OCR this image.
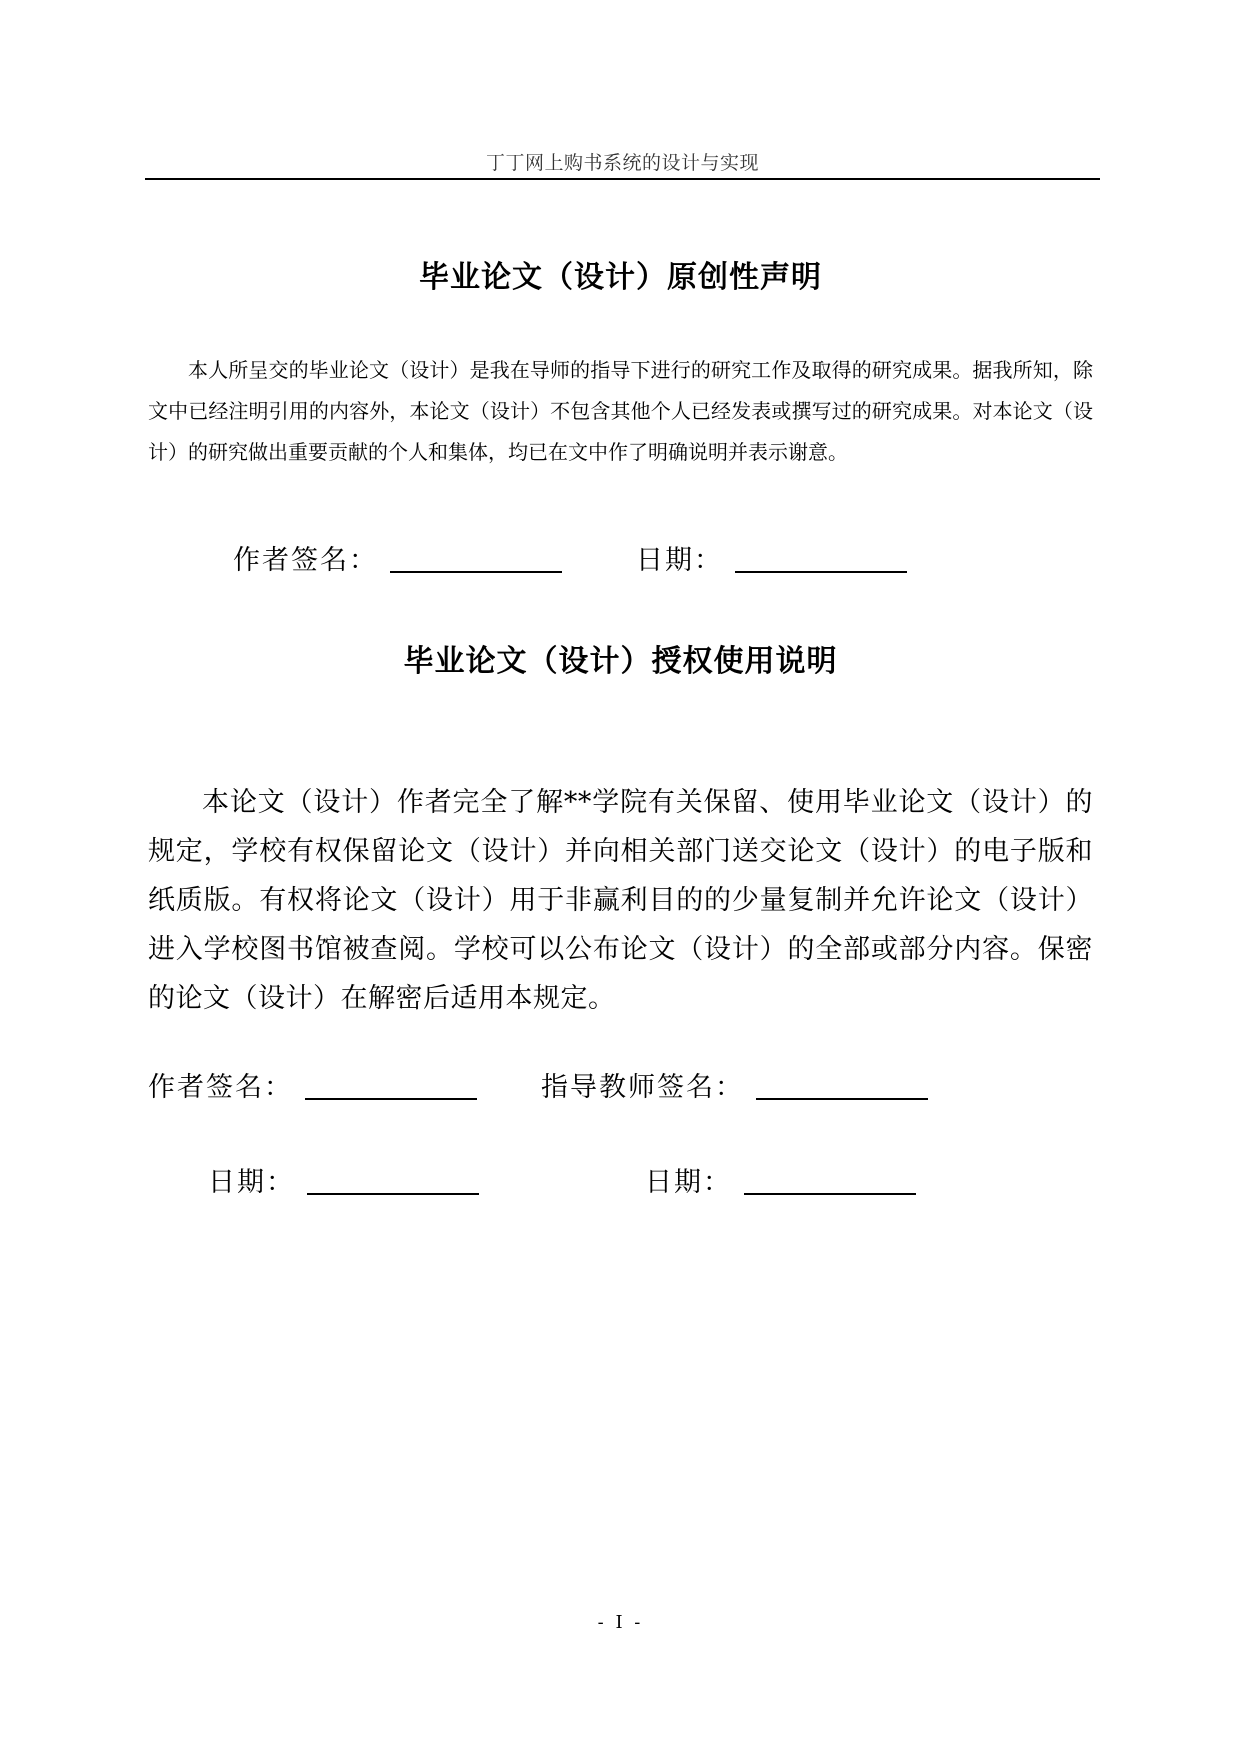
丁丁网上购书系统的设计与实现
毕业论文（设计）原创性声明

本人所呈交的毕业论文（设计）是我在导师的指导下进行的研究工作及取得的研究成果。据我所知，除文中已经注明引用的内容外，本论文（设计）不包含其他个人已经发表或撰写过的研究成果。对本论文（设计）的研究做出重要贡献的个人和集体，均已在文中作了明确说明并表示谢意。

作者签名：	日期：
毕业论文（设计）授权使用说明

本论文（设计）作者完全了解**学院有关保留、使用毕业论文（设计）的规定，学校有权保留论文（设计）并向相关部门送交论文（设计）的电子版和纸质版。有权将论文（设计）用于非赢利目的的少量复制并允许论文（设计）进入学校图书馆被查阅。学校可以公布论文（设计）的全部或部分内容。保密的论文（设计）在解密后适用本规定。

作者签名：	指导教师签名：
日期：	日期：
- I -
